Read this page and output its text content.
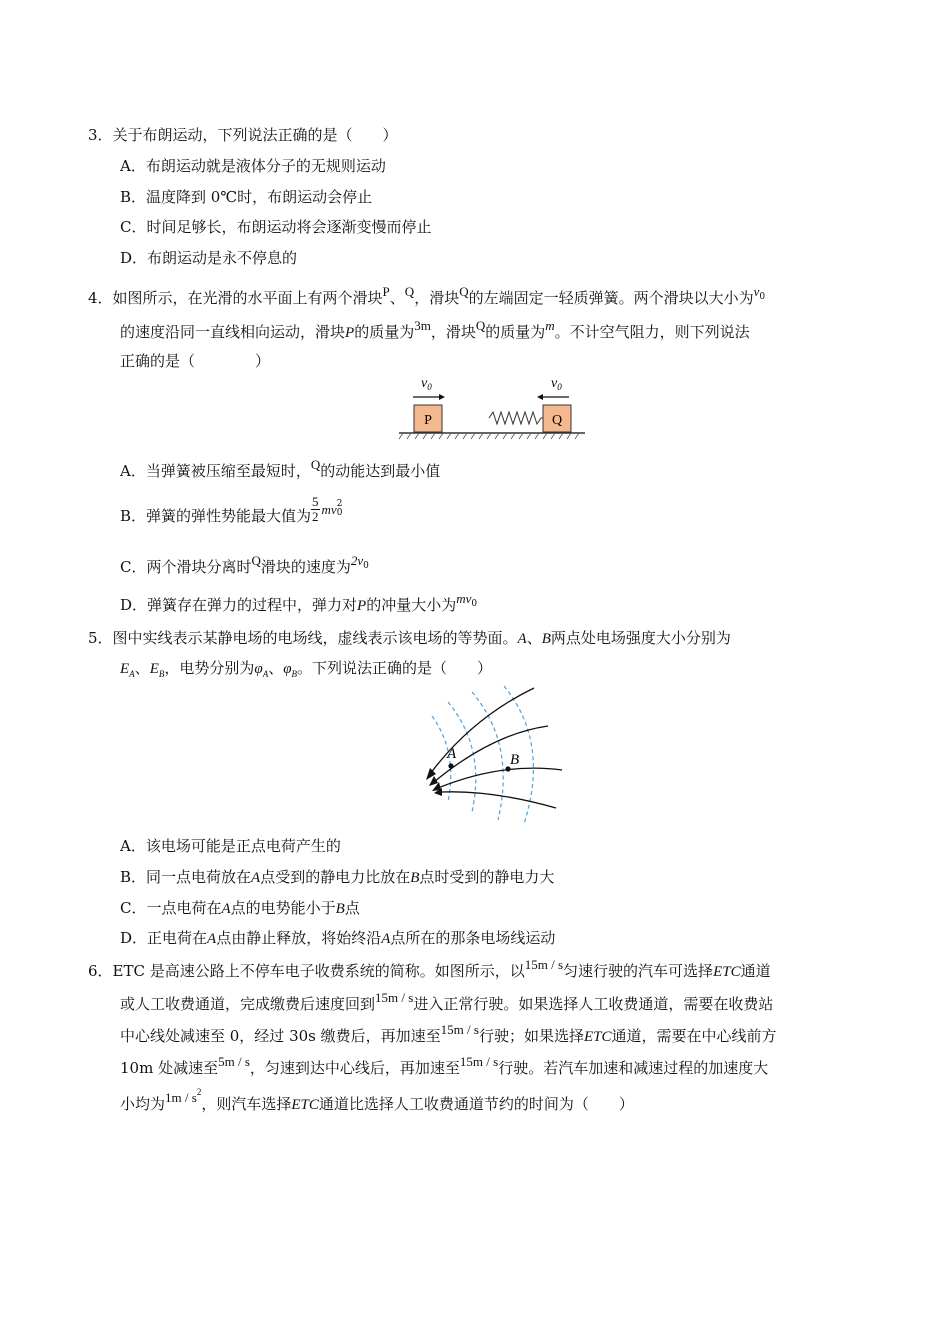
3．关于布朗运动，下列说法正确的是（　　）
A．布朗运动就是液体分子的无规则运动
B．温度降到 0℃时，布朗运动会停止
C．时间足够长，布朗运动将会逐渐变慢而停止
D．布朗运动是永不停息的
4．如图所示，在光滑的水平面上有两个滑块P、Q，滑块Q的左端固定一轻质弹簧。两个滑块以大小为$v^0$
的速度沿同一直线相向运动，滑块P的质量为3m，滑块Q的质量为m。不计空气阻力，则下列说法
正确的是（　　　　）
$v_0$	$v_0$
P	Q
A．当弹簧被压缩至最短时，Q的动能达到最小值
B．弹簧的弹性势能最大值为 $\frac{5}{2}$ mv 2
0
C．两个滑块分离时Q滑块的速度为$2v^0$
D．弹簧存在弹力的过程中，弹力对P的冲量大小为$mv^0$
5．图中实线表示某静电场的电场线，虚线表示该电场的等势面。A、B两点处电场强度大小分别为
$E_A$、$E_B$，电势分别为$\varphi_A$、$\varphi_B$。下列说法正确的是（　　）
A	B
A．该电场可能是正点电荷产生的
B．同一点电荷放在A点受到的静电力比放在B点时受到的静电力大
C．一点电荷在A点的电势能小于B点
D．正电荷在A点由静止释放，将始终沿A点所在的那条电场线运动
6．ETC 是高速公路上不停车电子收费系统的简称。如图所示，以15m / s匀速行驶的汽车可选择ETC通道
或人工收费通道，完成缴费后速度回到15m / s进入正常行驶。如果选择人工收费通道，需要在收费站
中心线处减速至 0，经过 30s 缴费后，再加速至15m / s行驶；如果选择ETC通道，需要在中心线前方
10m 处减速至5m / s，匀速到达中心线后，再加速至15m / s行驶。若汽车加速和减速过程的加速度大
小均为$1m / s^2$，则汽车选择ETC通道比选择人工收费通道节约的时间为（　　）
